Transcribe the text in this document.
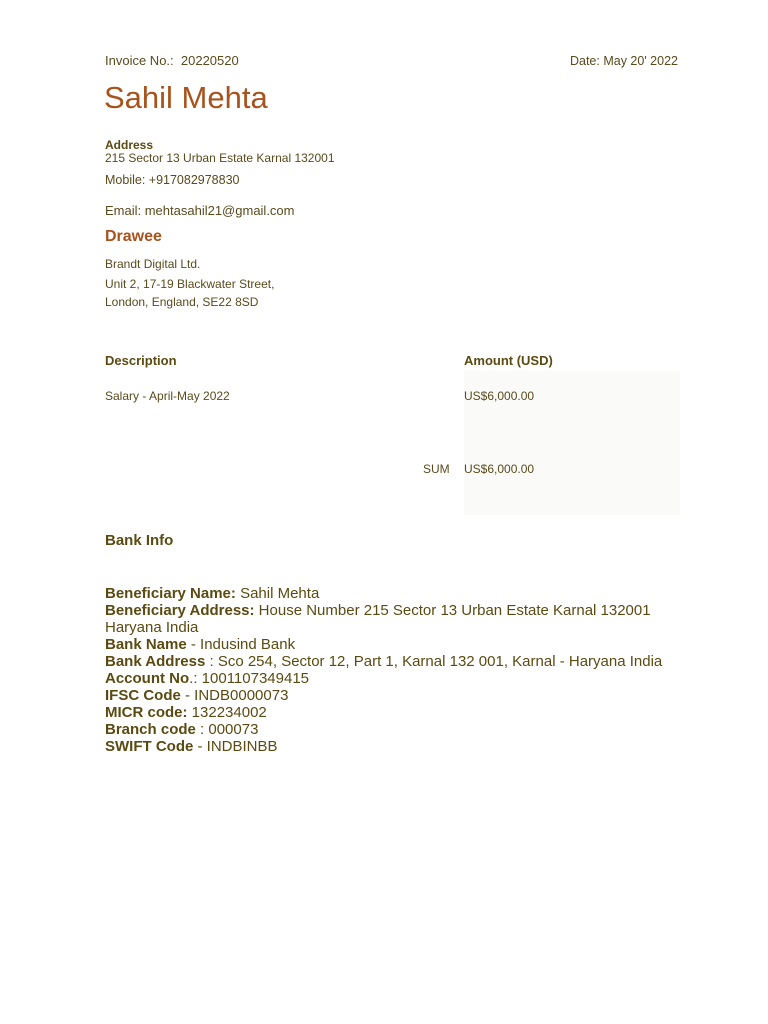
Invoice No.: 20220520	Date: May 20' 2022
Sahil Mehta
Address
215 Sector 13 Urban Estate Karnal 132001
Mobile: +917082978830
Email: mehtasahil21@gmail.com
Drawee
Brandt Digital Ltd.
Unit 2, 17-19 Blackwater Street,
London, England, SE22 8SD
Description	Amount (USD)
Salary - April-May 2022	US$6,000.00
SUM US$6,000.00
Bank Info

Beneficiary Name: Sahil Mehta

Beneficiary Address: House Number 215 Sector 13 Urban Estate Karnal 132001 Haryana India

Bank Name - Indusind Bank

Bank Address : Sco 254, Sector 12, Part 1, Karnal 132 001, Karnal - Haryana India

Account No.: 1001107349415

IFSC Code - INDB0000073

MICR code: 132234002

Branch code : 000073

SWIFT Code - INDBINBB
